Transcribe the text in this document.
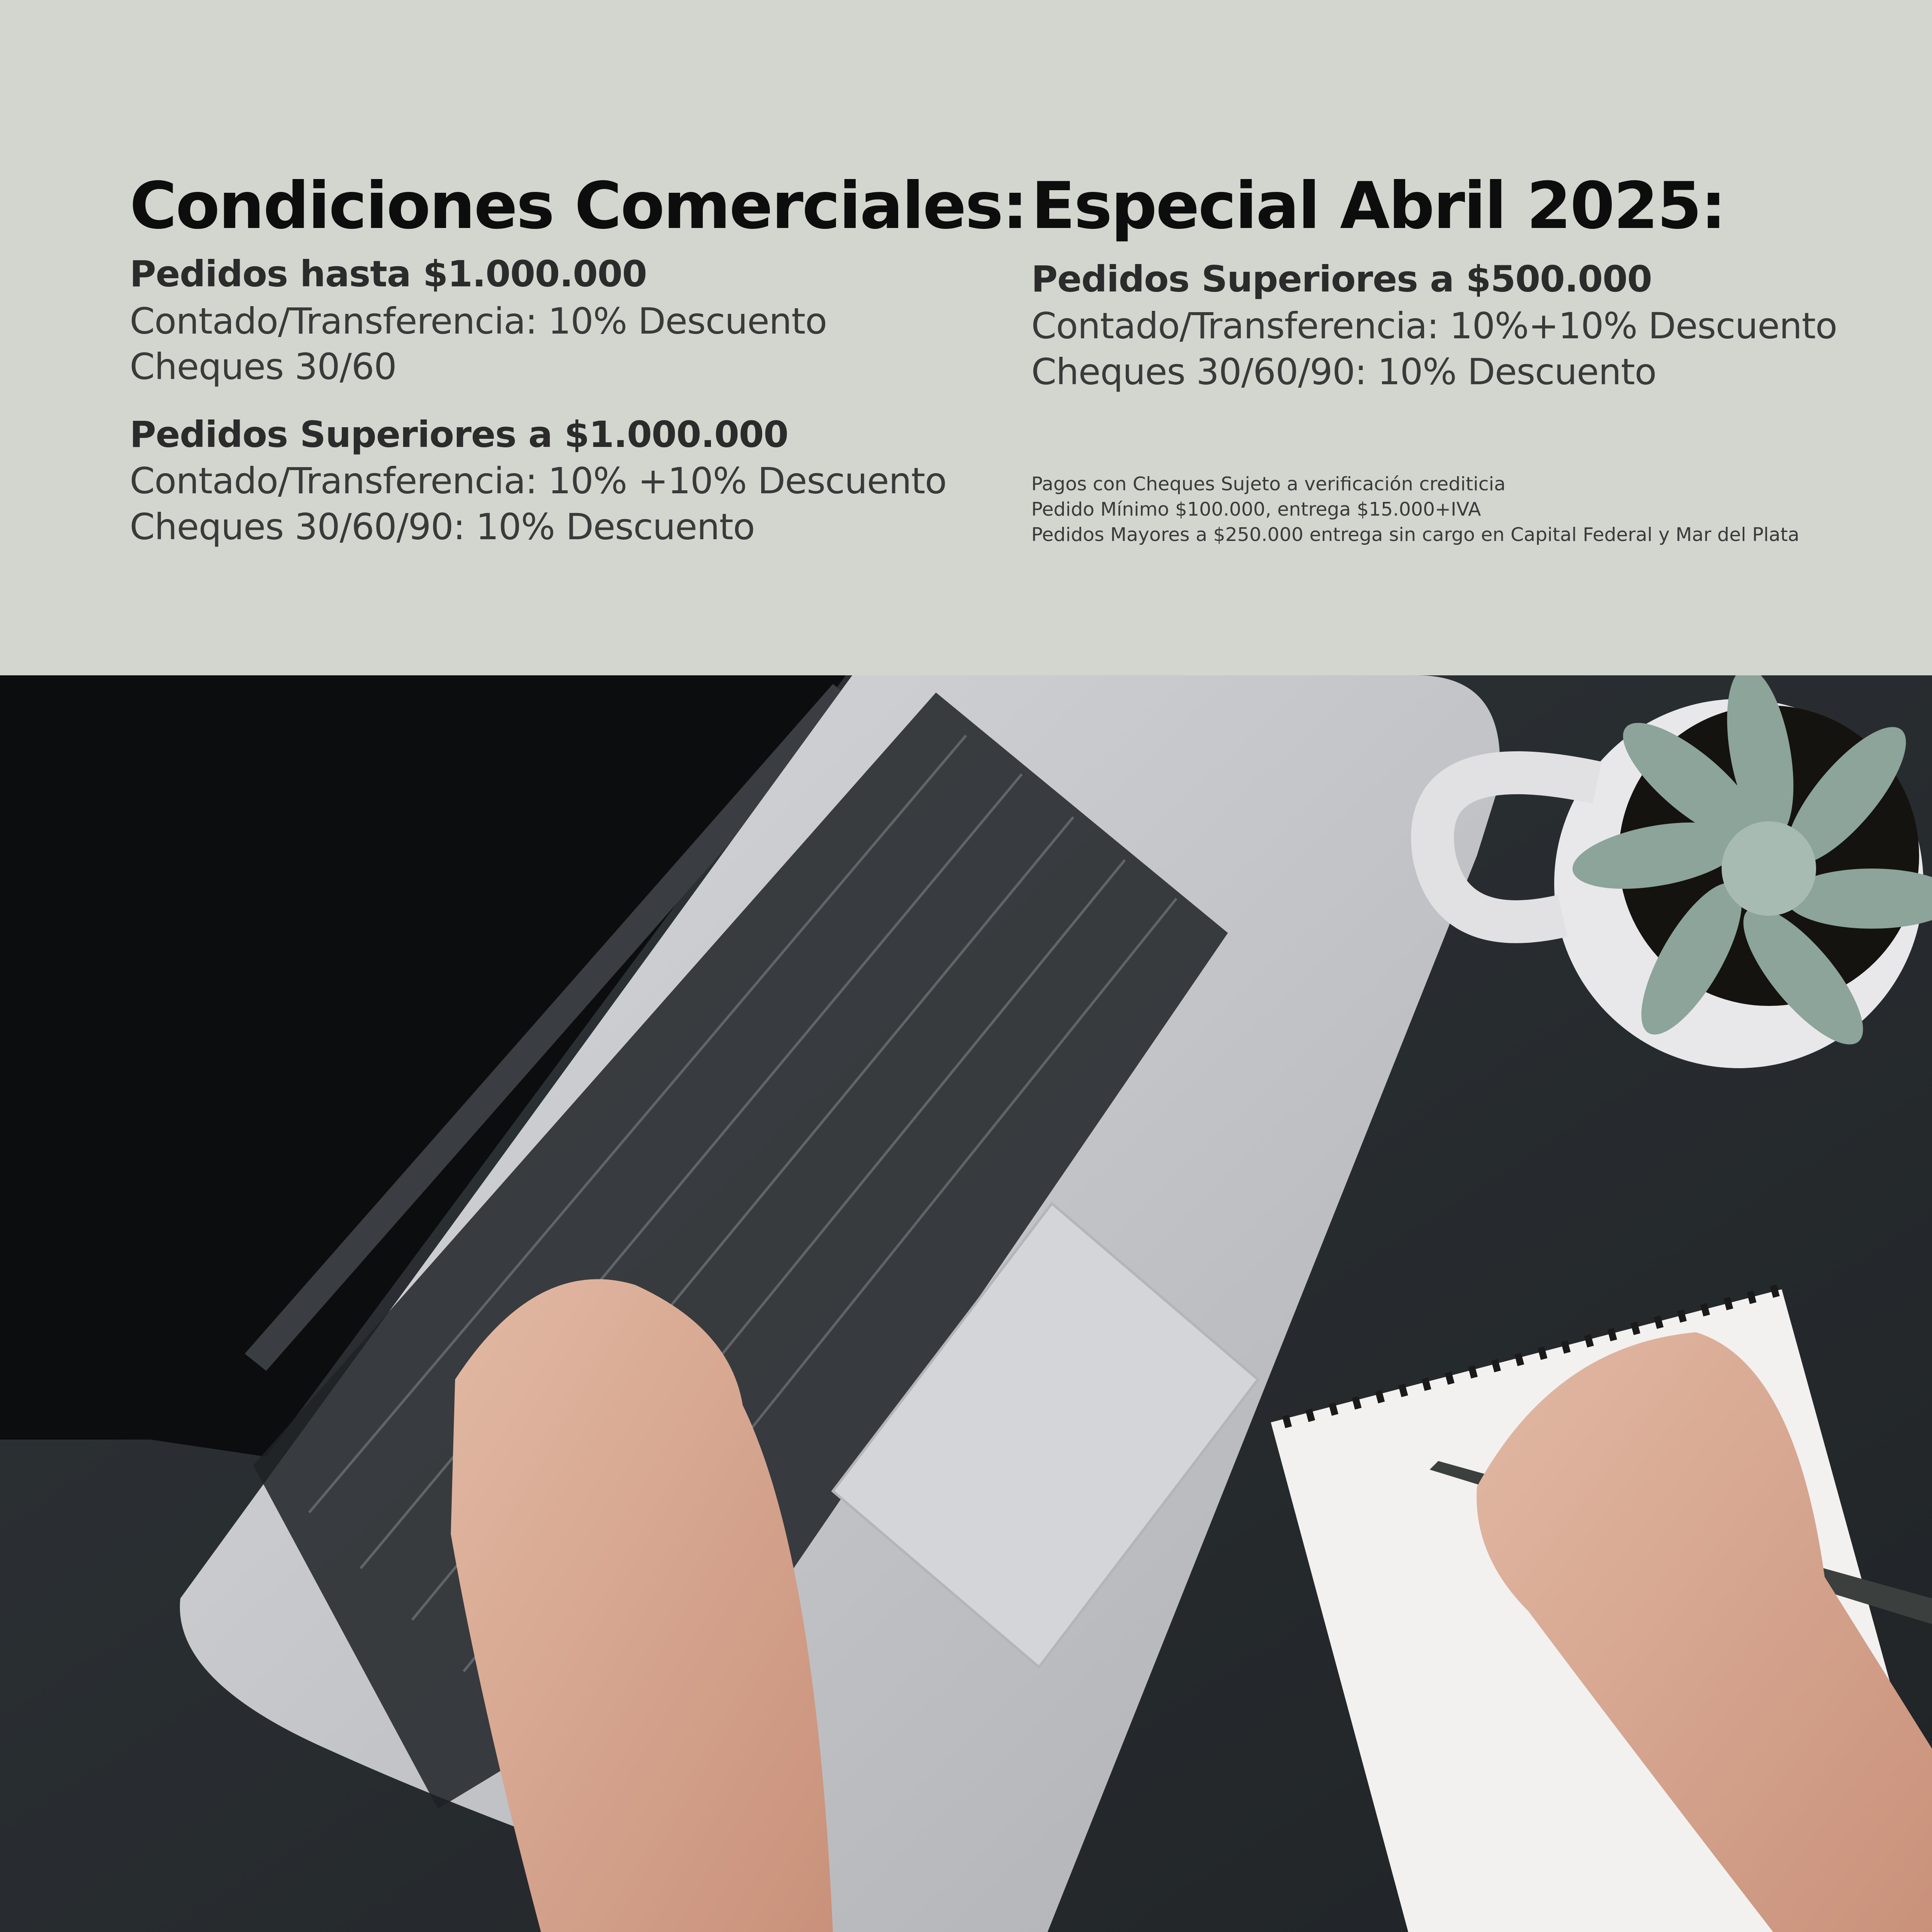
Condiciones Comerciales:
Pedidos hasta $1.000.000
Contado/Transferencia: 10% Descuento
Cheques 30/60
Pedidos Superiores a $1.000.000
Contado/Transferencia: 10% +10% Descuento
Cheques 30/60/90: 10% Descuento
Especial Abril 2025:
Pedidos Superiores a $500.000
Contado/Transferencia: 10%+10% Descuento
Cheques 30/60/90: 10% Descuento
Pagos con Cheques Sujeto a verificación crediticia
Pedido Mínimo $100.000, entrega $15.000+IVA
Pedidos Mayores a $250.000 entrega sin cargo en Capital Federal y Mar del Plata
